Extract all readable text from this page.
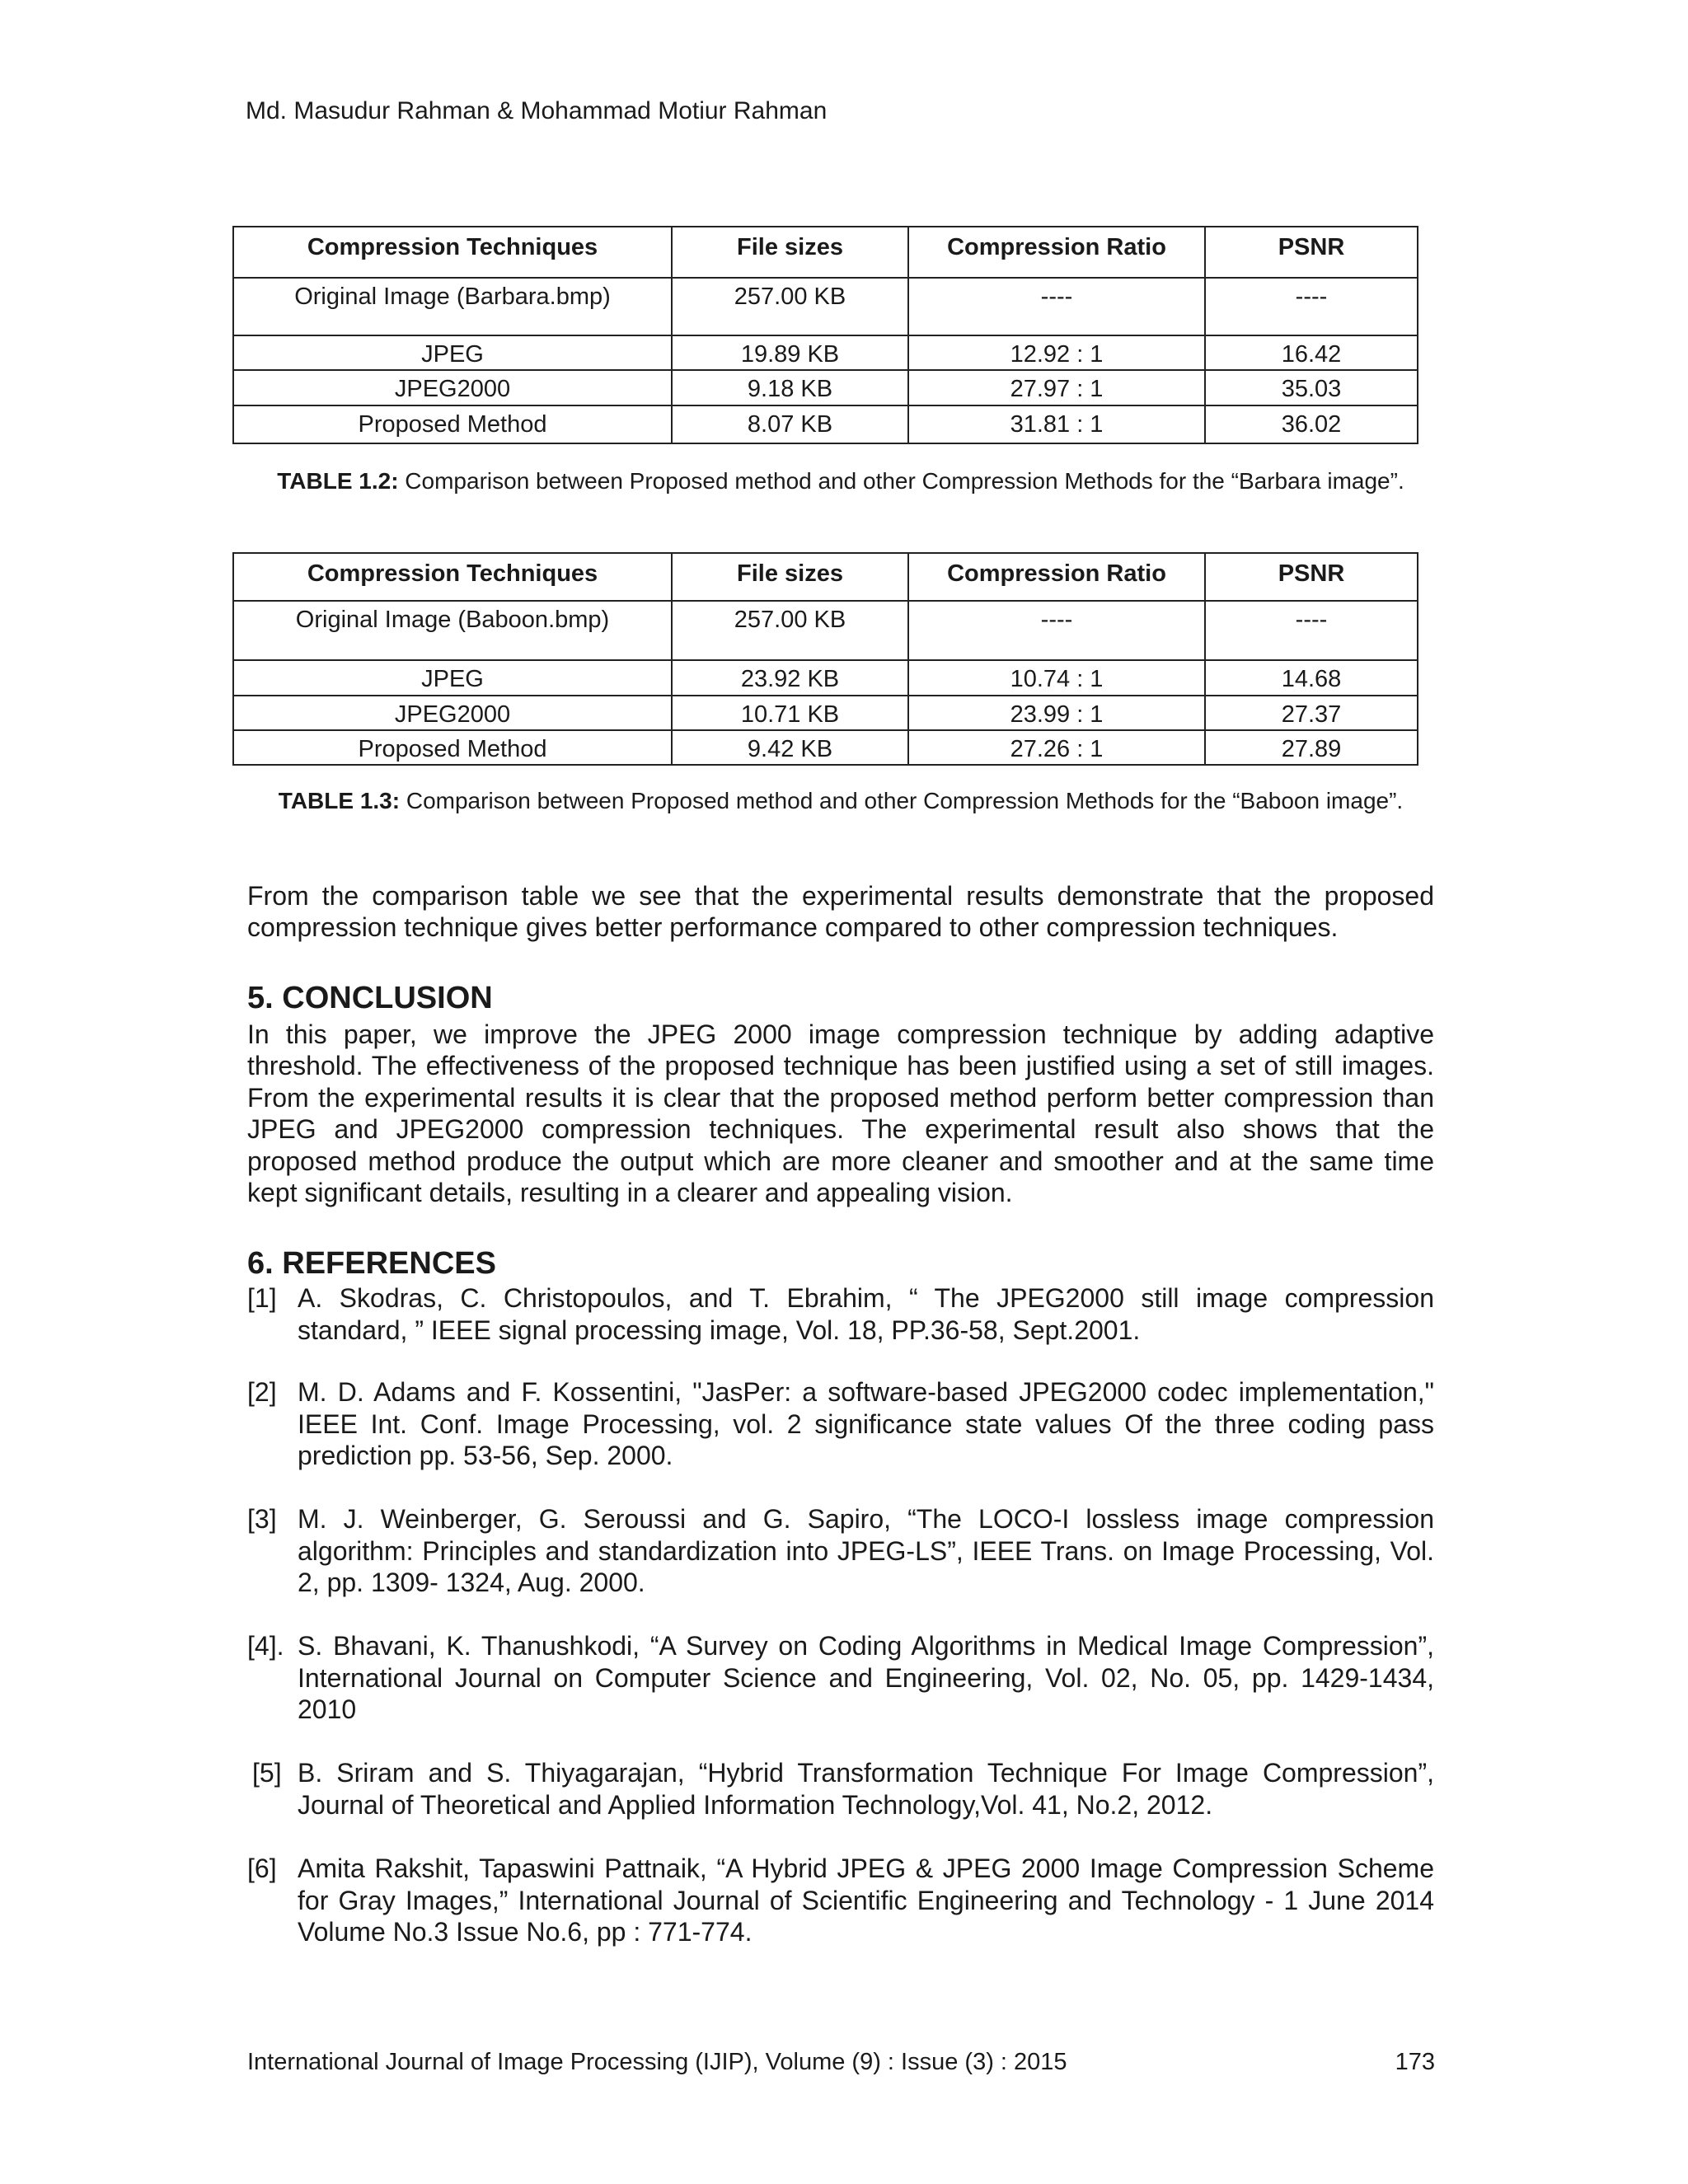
Md. Masudur Rahman & Mohammad Motiur Rahman
Compression Techniques	File sizes	Compression Ratio	PSNR
Original Image (Barbara.bmp)	257.00 KB	----	----
JPEG	19.89 KB	12.92 : 1	16.42
JPEG2000	9.18 KB	27.97 : 1	35.03
Proposed Method	8.07 KB	31.81 : 1	36.02
TABLE 1.2: Comparison between Proposed method and other Compression Methods for the “Barbara image”.
Compression Techniques	File sizes	Compression Ratio	PSNR
Original Image (Baboon.bmp)	257.00 KB	----	----
JPEG	23.92 KB	10.74 : 1	14.68
JPEG2000	10.71 KB	23.99 : 1	27.37
Proposed Method	9.42 KB	27.26 : 1	27.89
TABLE 1.3: Comparison between Proposed method and other Compression Methods for the “Baboon image”.

From the comparison table we see that the experimental results demonstrate that the proposed compression technique gives better performance compared to other compression techniques.

5. CONCLUSION

In this paper, we improve the JPEG 2000 image compression technique by adding adaptive threshold. The effectiveness of the proposed technique has been justified using a set of still images. From the experimental results it is clear that the proposed method perform better compression than JPEG and JPEG2000 compression techniques. The experimental result also shows that the proposed method produce the output which are more cleaner and smoother and at the same time kept significant details, resulting in a clearer and appealing vision.

6. REFERENCES
[1] A. Skodras, C. Christopoulos, and T. Ebrahim, “ The JPEG2000 still image compression standard, ” IEEE signal processing image, Vol. 18, PP.36-58, Sept.2001.
[2] M. D. Adams and F. Kossentini, "JasPer: a software-based JPEG2000 codec implementation," IEEE Int. Conf. Image Processing, vol. 2 significance state values Of the three coding pass prediction pp. 53-56, Sep. 2000.
[3] M. J. Weinberger, G. Seroussi and G. Sapiro, “The LOCO-I lossless image compression algorithm: Principles and standardization into JPEG-LS”, IEEE Trans. on Image Processing, Vol. 2, pp. 1309- 1324, Aug. 2000.
[4]. S. Bhavani, K. Thanushkodi, “A Survey on Coding Algorithms in Medical Image Compression”, International Journal on Computer Science and Engineering, Vol. 02, No. 05, pp. 1429-1434, 2010
[5] B. Sriram and S. Thiyagarajan, “Hybrid Transformation Technique For Image Compression”, Journal of Theoretical and Applied Information Technology,Vol. 41, No.2, 2012.
[6] Amita Rakshit, Tapaswini Pattnaik, “A Hybrid JPEG & JPEG 2000 Image Compression Scheme for Gray Images,” International Journal of Scientific Engineering and Technology - 1 June 2014 Volume No.3 Issue No.6, pp : 771-774.
International Journal of Image Processing (IJIP), Volume (9) : Issue (3) : 2015	173
